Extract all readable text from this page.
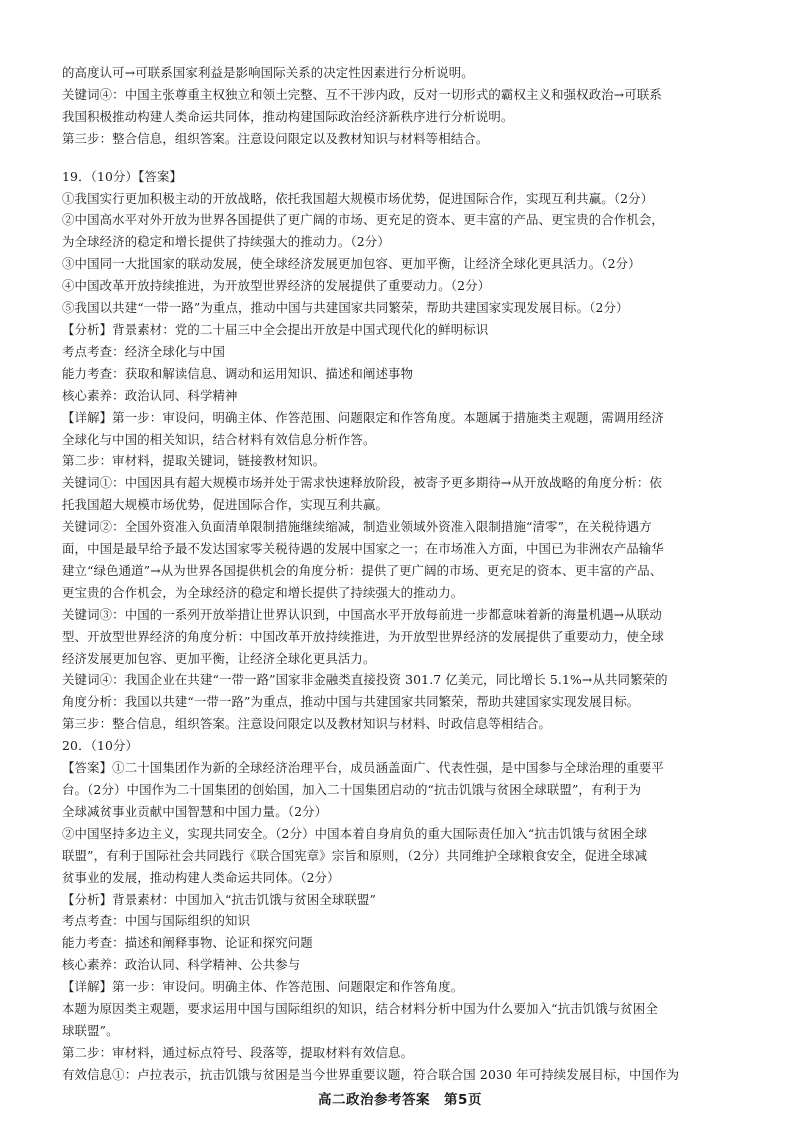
的高度认可→可联系国家利益是影响国际关系的决定性因素进行分析说明。
关键词④：中国主张尊重主权独立和领土完整、互不干涉内政，反对一切形式的霸权主义和强权政治→可联系
我国积极推动构建人类命运共同体，推动构建国际政治经济新秩序进行分析说明。
第三步：整合信息，组织答案。注意设问限定以及教材知识与材料等相结合。
19．（10分）【答案】
①我国实行更加积极主动的开放战略，依托我国超大规模市场优势，促进国际合作，实现互利共赢。（2分）
②中国高水平对外开放为世界各国提供了更广阔的市场、更充足的资本、更丰富的产品、更宝贵的合作机会，
为全球经济的稳定和增长提供了持续强大的推动力。（2分）
③中国同一大批国家的联动发展，使全球经济发展更加包容、更加平衡，让经济全球化更具活力。（2分）
④中国改革开放持续推进，为开放型世界经济的发展提供了重要动力。（2分）
⑤我国以共建“一带一路”为重点，推动中国与共建国家共同繁荣，帮助共建国家实现发展目标。（2分）
【分析】背景素材：党的二十届三中全会提出开放是中国式现代化的鲜明标识
考点考查：经济全球化与中国
能力考查：获取和解读信息、调动和运用知识、描述和阐述事物
核心素养：政治认同、科学精神
【详解】第一步：审设问，明确主体、作答范围、问题限定和作答角度。本题属于措施类主观题，需调用经济
全球化与中国的相关知识，结合材料有效信息分析作答。
第二步：审材料，提取关键词，链接教材知识。
关键词①：中国因具有超大规模市场并处于需求快速释放阶段，被寄予更多期待→从开放战略的角度分析：依
托我国超大规模市场优势，促进国际合作，实现互利共赢。
关键词②：全国外资准入负面清单限制措施继续缩减，制造业领域外资准入限制措施“清零”，在关税待遇方
面，中国是最早给予最不发达国家零关税待遇的发展中国家之一；在市场准入方面，中国已为非洲农产品输华
建立“绿色通道”→从为世界各国提供机会的角度分析：提供了更广阔的市场、更充足的资本、更丰富的产品、
更宝贵的合作机会，为全球经济的稳定和增长提供了持续强大的推动力。
关键词③：中国的一系列开放举措让世界认识到，中国高水平开放每前进一步都意味着新的海量机遇→从联动
型、开放型世界经济的角度分析：中国改革开放持续推进，为开放型世界经济的发展提供了重要动力，使全球
经济发展更加包容、更加平衡，让经济全球化更具活力。
关键词④：我国企业在共建“一带一路”国家非金融类直接投资 301.7 亿美元，同比增长 5.1%→从共同繁荣的
角度分析：我国以共建“一带一路”为重点，推动中国与共建国家共同繁荣，帮助共建国家实现发展目标。
第三步：整合信息，组织答案。注意设问限定以及教材知识与材料、时政信息等相结合。
20．（10分）
【答案】①二十国集团作为新的全球经济治理平台，成员涵盖面广、代表性强，是中国参与全球治理的重要平
台。（2分）中国作为二十国集团的创始国，加入二十国集团启动的“抗击饥饿与贫困全球联盟”，有利于为
全球减贫事业贡献中国智慧和中国力量。（2分）
②中国坚持多边主义，实现共同安全。（2分）中国本着自身肩负的重大国际责任加入“抗击饥饿与贫困全球
联盟”，有利于国际社会共同践行《联合国宪章》宗旨和原则，（2分）共同维护全球粮食安全，促进全球减
贫事业的发展，推动构建人类命运共同体。（2分）
【分析】背景素材：中国加入“抗击饥饿与贫困全球联盟”
考点考查：中国与国际组织的知识
能力考查：描述和阐释事物、论证和探究问题
核心素养：政治认同、科学精神、公共参与
【详解】第一步：审设问。明确主体、作答范围、问题限定和作答角度。
本题为原因类主观题，要求运用中国与国际组织的知识，结合材料分析中国为什么要加入“抗击饥饿与贫困全
球联盟”。
第二步：审材料，通过标点符号、段落等，提取材料有效信息。
有效信息①：卢拉表示，抗击饥饿与贫困是当今世界重要议题，符合联合国 2030 年可持续发展目标，中国作为
高二政治参考答案　第5页
